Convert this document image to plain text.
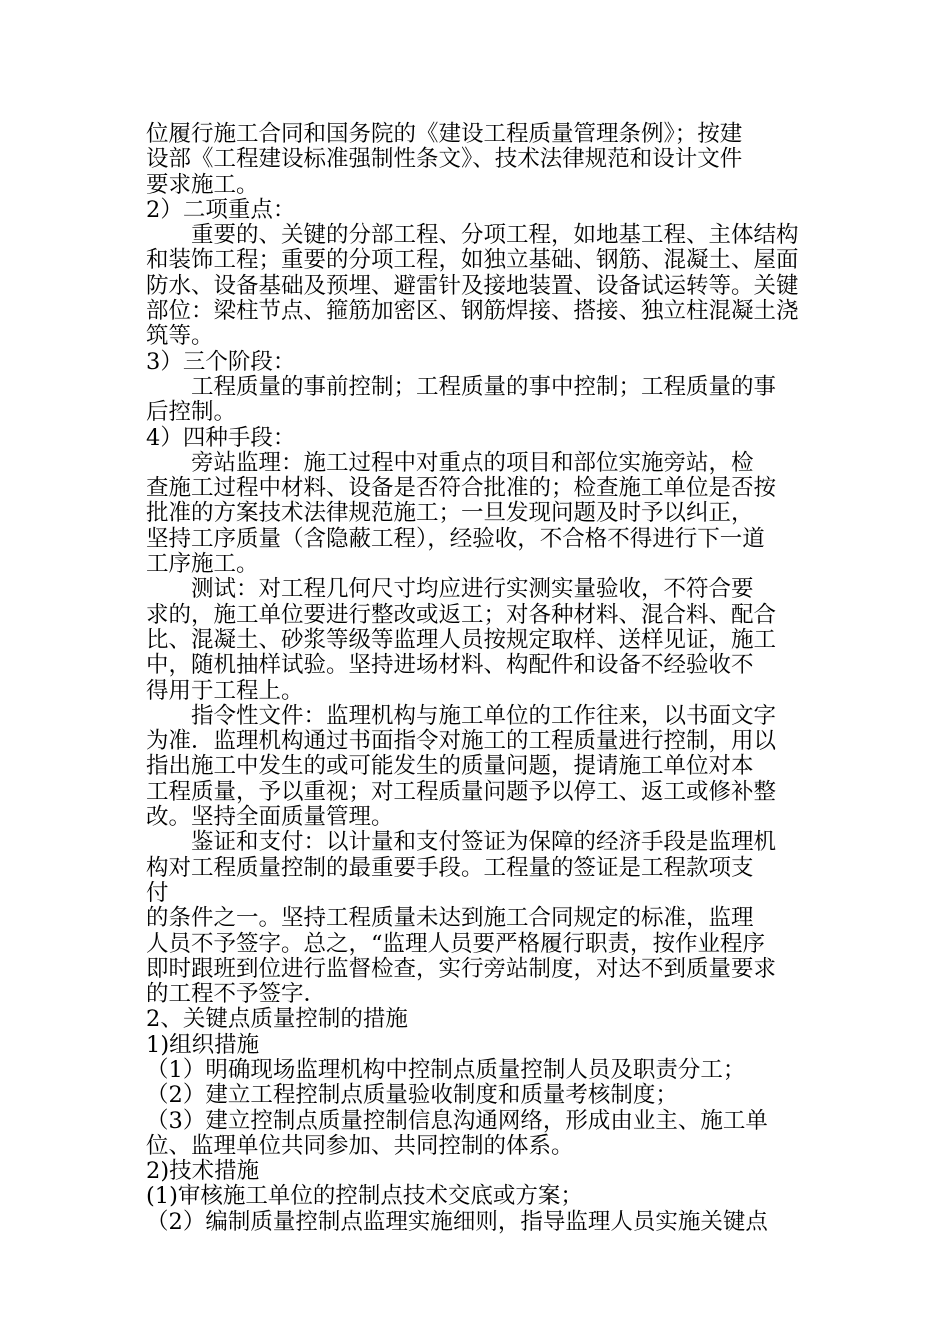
位履行施工合同和国务院的《建设工程质量管理条例》；按建
设部《工程建设标准强制性条文》、技术法律规范和设计文件
要求施工。
2）二项重点：
　　重要的、关键的分部工程、分项工程，如地基工程、主体结构
和装饰工程；重要的分项工程，如独立基础、钢筋、混凝土、屋面
防水、设备基础及预埋、避雷针及接地装置、设备试运转等。关键
部位：梁柱节点、箍筋加密区、钢筋焊接、搭接、独立柱混凝土浇
筑等。
3）三个阶段：
　　工程质量的事前控制；工程质量的事中控制；工程质量的事
后控制。
4）四种手段：
　　旁站监理：施工过程中对重点的项目和部位实施旁站，检
查施工过程中材料、设备是否符合批准的；检查施工单位是否按
批准的方案技术法律规范施工；一旦发现问题及时予以纠正，
坚持工序质量（含隐蔽工程），经验收，不合格不得进行下一道
工序施工。
　　测试：对工程几何尺寸均应进行实测实量验收，不符合要
求的，施工单位要进行整改或返工；对各种材料、混合料、配合
比、混凝土、砂浆等级等监理人员按规定取样、送样见证，施工
中，随机抽样试验。坚持进场材料、构配件和设备不经验收不
得用于工程上。
　　指令性文件：监理机构与施工单位的工作往来，以书面文字
为准．监理机构通过书面指令对施工的工程质量进行控制，用以
指出施工中发生的或可能发生的质量问题，提请施工单位对本
工程质量，予以重视；对工程质量问题予以停工、返工或修补整
改。坚持全面质量管理。
　　鉴证和支付：以计量和支付签证为保障的经济手段是监理机
构对工程质量控制的最重要手段。工程量的签证是工程款项支
付
的条件之一。坚持工程质量未达到施工合同规定的标准，监理
人员不予签字。总之，“监理人员要严格履行职责，按作业程序
即时跟班到位进行监督检查，实行旁站制度，对达不到质量要求
的工程不予签字．
2、关键点质量控制的措施
1)组织措施
（1）明确现场监理机构中控制点质量控制人员及职责分工；
（2）建立工程控制点质量验收制度和质量考核制度；
（3）建立控制点质量控制信息沟通网络，形成由业主、施工单
位、监理单位共同参加、共同控制的体系。
2)技术措施
(1)审核施工单位的控制点技术交底或方案；
（2）编制质量控制点监理实施细则，指导监理人员实施关键点
